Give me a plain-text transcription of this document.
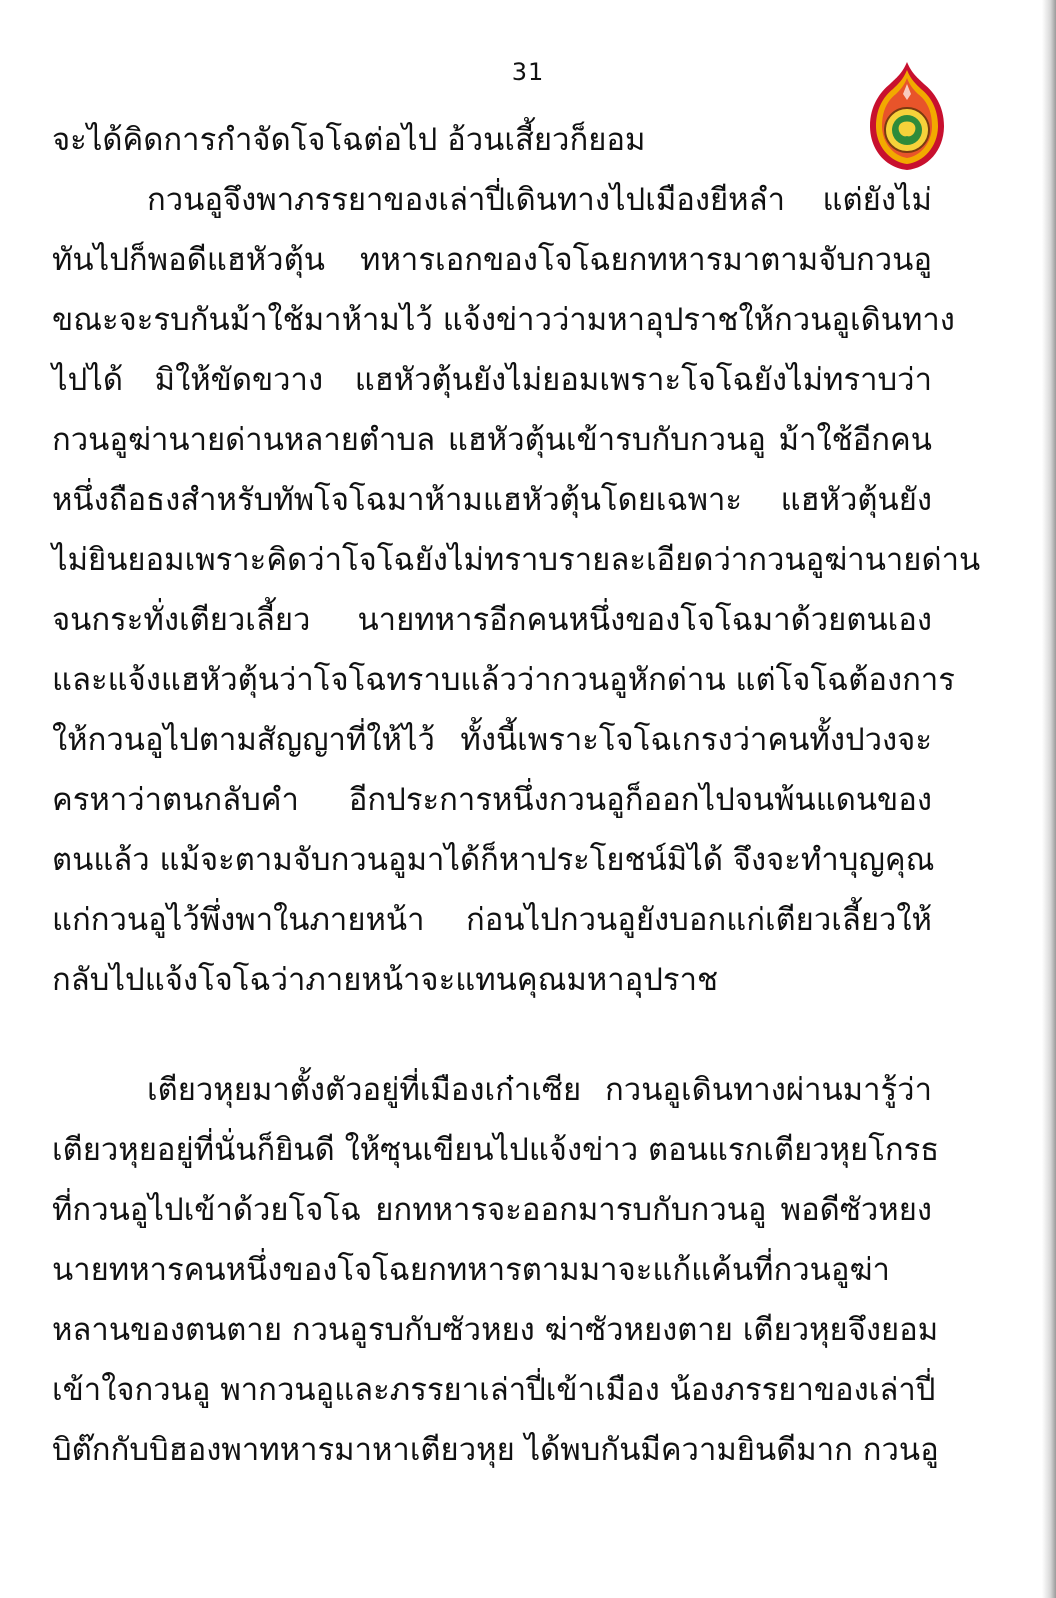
31
จะได้คิดการกำจัดโจโฉต่อไป อ้วนเสี้ยวก็ยอม
กวนอูจึงพาภรรยาของเล่าปี่เดินทางไปเมืองยีหลำ แต่ยังไม่
ทันไปก็พอดีแฮหัวตุ้น ทหารเอกของโจโฉยกทหารมาตามจับกวนอู
ขณะจะรบกันม้าใช้มาห้ามไว้ แจ้งข่าวว่ามหาอุปราชให้กวนอูเดินทาง
ไปได้ มิให้ขัดขวาง แฮหัวตุ้นยังไม่ยอมเพราะโจโฉยังไม่ทราบว่า
กวนอูฆ่านายด่านหลายตำบล แฮหัวตุ้นเข้ารบกับกวนอู ม้าใช้อีกคน
หนึ่งถือธงสำหรับทัพโจโฉมาห้ามแฮหัวตุ้นโดยเฉพาะ แฮหัวตุ้นยัง
ไม่ยินยอมเพราะคิดว่าโจโฉยังไม่ทราบรายละเอียดว่ากวนอูฆ่านายด่าน
จนกระทั่งเตียวเลี้ยว นายทหารอีกคนหนึ่งของโจโฉมาด้วยตนเอง
และแจ้งแฮหัวตุ้นว่าโจโฉทราบแล้วว่ากวนอูหักด่าน แต่โจโฉต้องการ
ให้กวนอูไปตามสัญญาที่ให้ไว้ ทั้งนี้เพราะโจโฉเกรงว่าคนทั้งปวงจะ
ครหาว่าตนกลับคำ อีกประการหนึ่งกวนอูก็ออกไปจนพ้นแดนของ
ตนแล้ว แม้จะตามจับกวนอูมาได้ก็หาประโยชน์มิได้ จึงจะทำบุญคุณ
แก่กวนอูไว้พึ่งพาในภายหน้า ก่อนไปกวนอูยังบอกแก่เตียวเลี้ยวให้
กลับไปแจ้งโจโฉว่าภายหน้าจะแทนคุณมหาอุปราช
เตียวหุยมาตั้งตัวอยู่ที่เมืองเก๋าเซีย กวนอูเดินทางผ่านมารู้ว่า
เตียวหุยอยู่ที่นั่นก็ยินดี ให้ซุนเขียนไปแจ้งข่าว ตอนแรกเตียวหุยโกรธ
ที่กวนอูไปเข้าด้วยโจโฉ ยกทหารจะออกมารบกับกวนอู พอดีซัวหยง
นายทหารคนหนึ่งของโจโฉยกทหารตามมาจะแก้แค้นที่กวนอูฆ่า
หลานของตนตาย กวนอูรบกับซัวหยง ฆ่าซัวหยงตาย เตียวหุยจึงยอม
เข้าใจกวนอู พากวนอูและภรรยาเล่าปี่เข้าเมือง น้องภรรยาของเล่าปี่
บิต๊กกับบิฮองพาทหารมาหาเตียวหุย ได้พบกันมีความยินดีมาก กวนอู
